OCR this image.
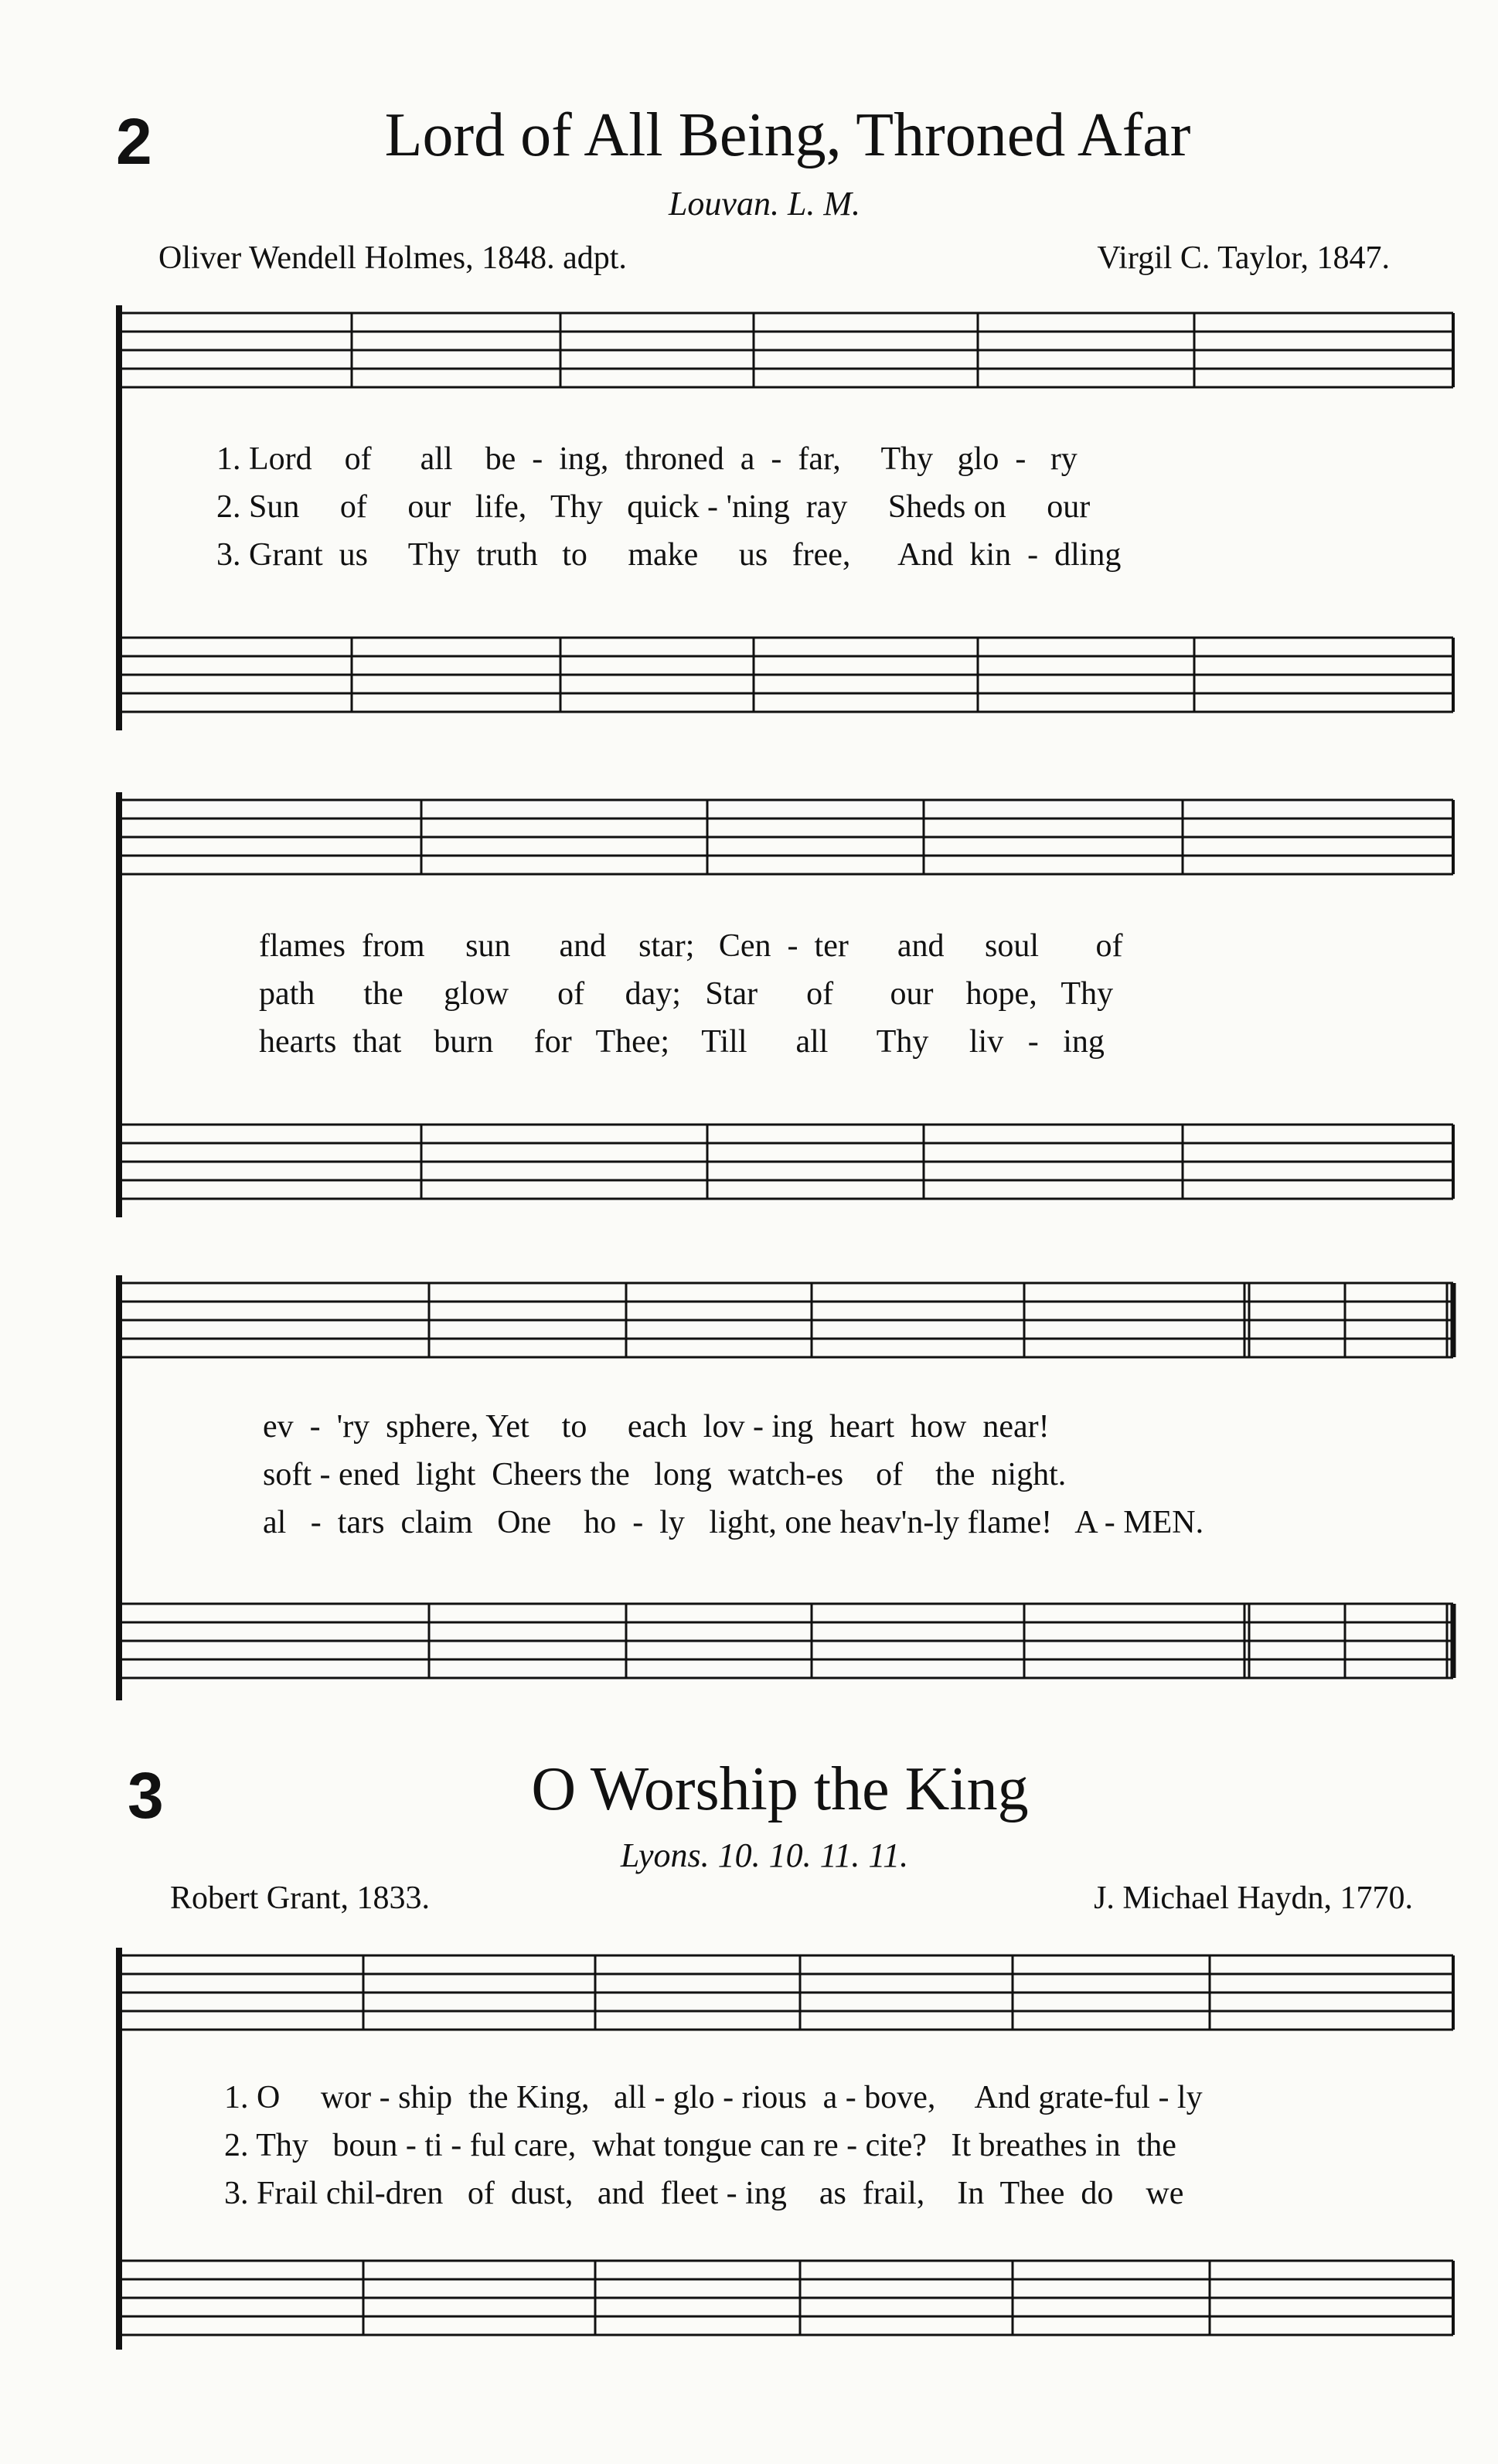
2	Lord of All Being, Throned Afar
Louvan. L. M.
Oliver Wendell Holmes, 1848. adpt.	Virgil C. Taylor, 1847.
1. Lord    of      all    be  -  ing,  throned  a  -  far,     Thy   glo  -   ry
2. Sun     of     our   life,   Thy   quick - 'ning  ray     Sheds on     our
3. Grant  us     Thy  truth   to     make     us   free,      And  kin  -  dling
flames  from     sun      and    star;   Cen  -  ter      and     soul       of
path      the     glow      of     day;   Star      of       our    hope,   Thy
hearts  that    burn     for   Thee;    Till      all      Thy     liv   -   ing
ev  -  'ry  sphere, Yet    to     each  lov - ing  heart  how  near!
soft - ened  light  Cheers the   long  watch-es    of    the  night.
al   -  tars  claim   One    ho  -  ly   light, one heav'n-ly flame!   A - MEN.
3	O Worship the King
Lyons. 10. 10. 11. 11.
Robert Grant, 1833.	J. Michael Haydn, 1770.
1. O     wor - ship  the King,   all - glo - rious  a - bove,     And grate-ful - ly
2. Thy   boun - ti - ful care,  what tongue can re - cite?   It breathes in  the
3. Frail chil-dren   of  dust,   and  fleet - ing    as  frail,    In  Thee  do    we
